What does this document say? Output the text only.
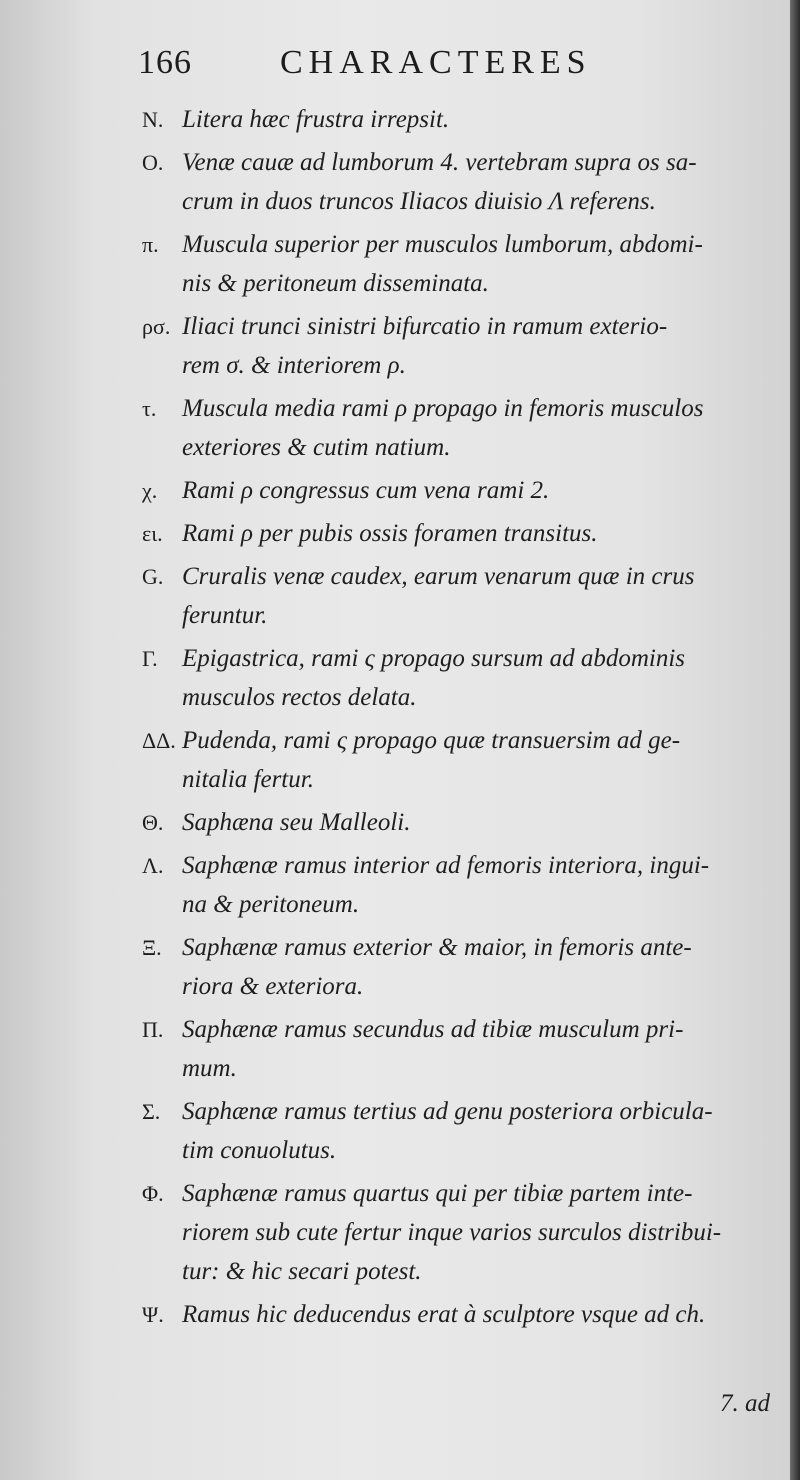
166	CHARACTERES
N. Litera hæc frustra irrepsit.
O. Venæ cauæ ad lumborum 4. vertebram supra os sa-
crum in duos truncos Iliacos diuisio Λ referens.
π. Muscula superior per musculos lumborum, abdomi-
nis & peritoneum disseminata.
ρσ. Iliaci trunci sinistri bifurcatio in ramum exterio-
rem σ. & interiorem ρ.
τ.	Muscula media rami ρ propago in femoris musculos
exteriores & cutim natium.
χ. Rami ρ congressus cum vena rami 2.
ει. Rami ρ per pubis ossis foramen transitus.
G. Cruralis venæ caudex, earum venarum quæ in crus
feruntur.
Γ. Epigastrica, rami ς propago sursum ad abdominis
musculos rectos delata.
ΔΔ. Pudenda, rami ς propago quæ transuersim ad ge-
nitalia fertur.
Θ. Saphæna seu Malleoli.
Λ. Saphænæ ramus interior ad femoris interiora, ingui-
na & peritoneum.
Ξ. Saphænæ ramus exterior & maior, in femoris ante-
riora & exteriora.
Π. Saphænæ ramus secundus ad tibiæ musculum pri-
mum.
Σ. Saphænæ ramus tertius ad genu posteriora orbicula-
tim conuolutus.
Φ. Saphænæ ramus quartus qui per tibiæ partem inte-
riorem sub cute fertur inque varios surculos distribui-
tur: & hic secari potest.
Ψ. Ramus hic deducendus erat à sculptore vsque ad ch.
7. ad
